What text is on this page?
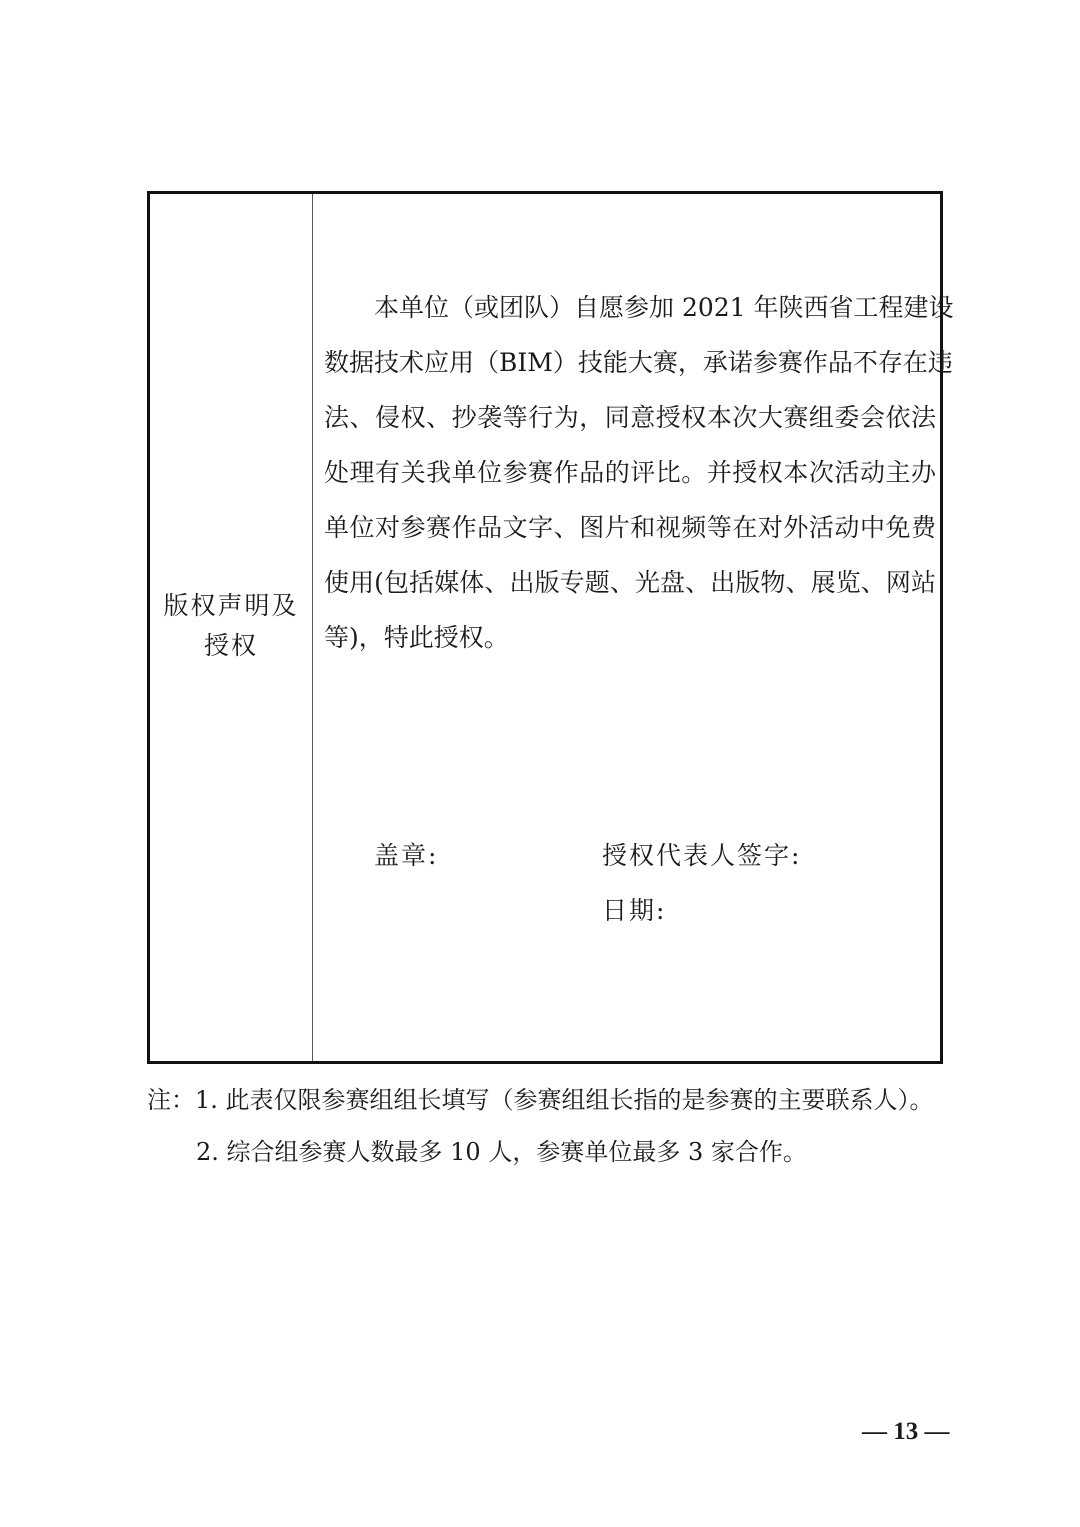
版权声明及
授权
本单位（或团队）自愿参加 2021 年陕西省工程建设
数据技术应用（BIM）技能大赛，承诺参赛作品不存在违
法、侵权、抄袭等行为，同意授权本次大赛组委会依法
处理有关我单位参赛作品的评比。并授权本次活动主办
单位对参赛作品文字、图片和视频等在对外活动中免费
使用(包括媒体、出版专题、光盘、出版物、展览、网站
等)，特此授权。
盖章:	授权代表人签字:
日期:
注：1. 此表仅限参赛组组长填写（参赛组组长指的是参赛的主要联系人）。
2. 综合组参赛人数最多 10 人，参赛单位最多 3 家合作。
— 13 —
